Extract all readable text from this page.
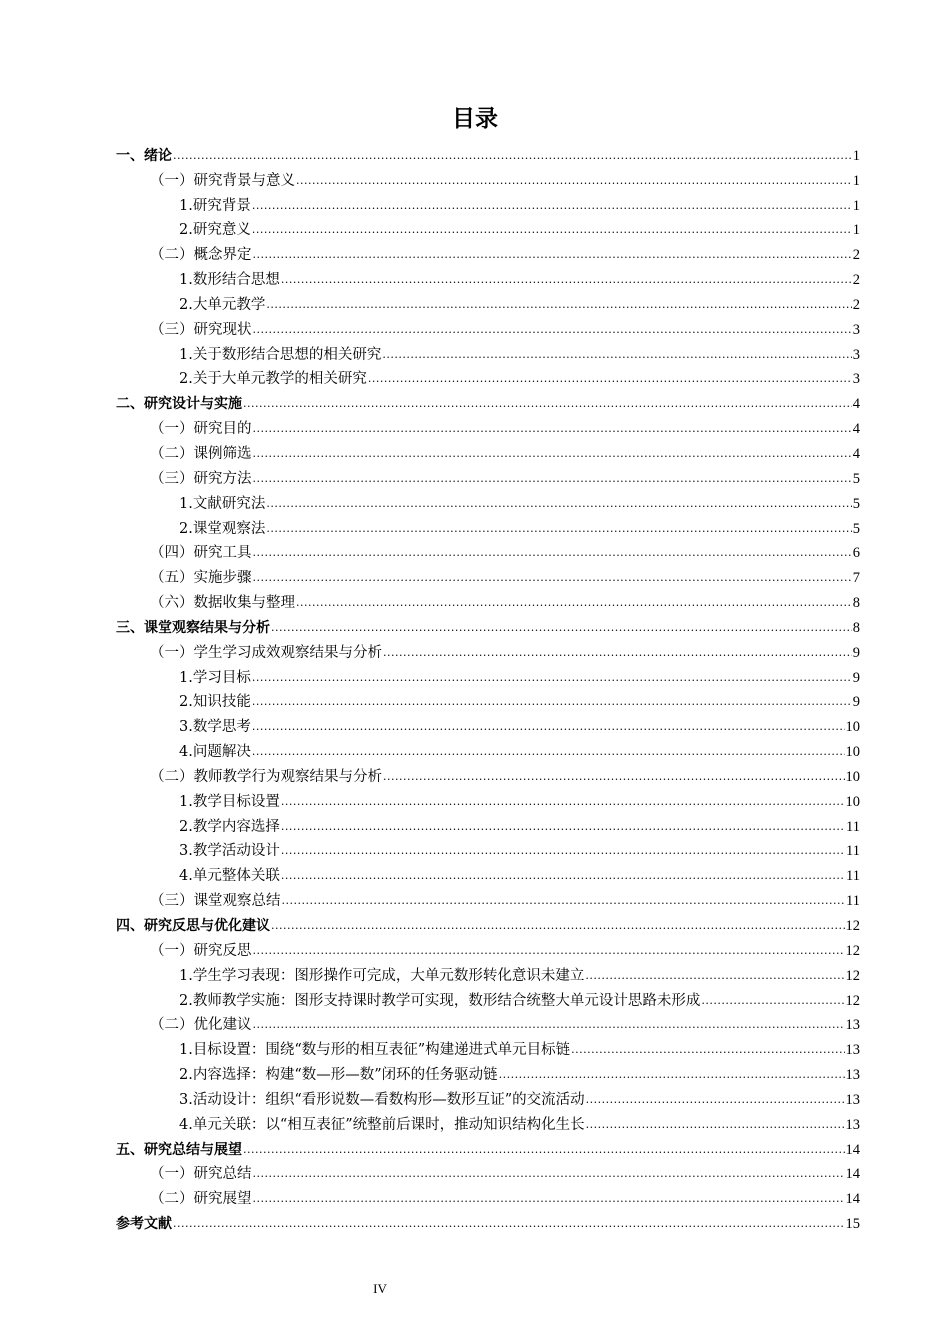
目录
一、绪论 .....	1
（一）研究背景与意义 .....	1
1.研究背景 .....	1
2.研究意义 .....	1
（二）概念界定 .....	2
1.数形结合思想 .....	2
2.大单元教学 .....	2
（三）研究现状 .....	3
1.关于数形结合思想的相关研究 .....	3
2.关于大单元教学的相关研究 .....	3
二、研究设计与实施 .....	4
（一）研究目的 .....	4
（二）课例筛选 .....	4
（三）研究方法 .....	5
1.文献研究法 .....	5
2.课堂观察法 .....	5
（四）研究工具 .....	6
（五）实施步骤 .....	7
（六）数据收集与整理 .....	8
三、课堂观察结果与分析 .....	8
（一）学生学习成效观察结果与分析 .....	9
1.学习目标 .....	9
2.知识技能 .....	9
3.数学思考 .....	10
4.问题解决 .....	10
（二）教师教学行为观察结果与分析 .....	10
1.教学目标设置 .....	10
2.教学内容选择 .....	11
3.教学活动设计 .....	11
4.单元整体关联 .....	11
（三）课堂观察总结 .....	11
四、研究反思与优化建议 .....	12
（一）研究反思 .....	12
1.学生学习表现：图形操作可完成，大单元数形转化意识未建立 .....	12
2.教师教学实施：图形支持课时教学可实现，数形结合统整大单元设计思路未形成 .....	12
（二）优化建议 .....	13
1.目标设置：围绕“数与形的相互表征”构建递进式单元目标链 .....	13
2.内容选择：构建“数—形—数”闭环的任务驱动链 .....	13
3.活动设计：组织“看形说数—看数构形—数形互证”的交流活动 .....	13
4.单元关联：以“相互表征”统整前后课时，推动知识结构化生长 .....	13
五、研究总结与展望 .....	14
（一）研究总结 .....	14
（二）研究展望 .....	14
参考文献 .....	15
IV
